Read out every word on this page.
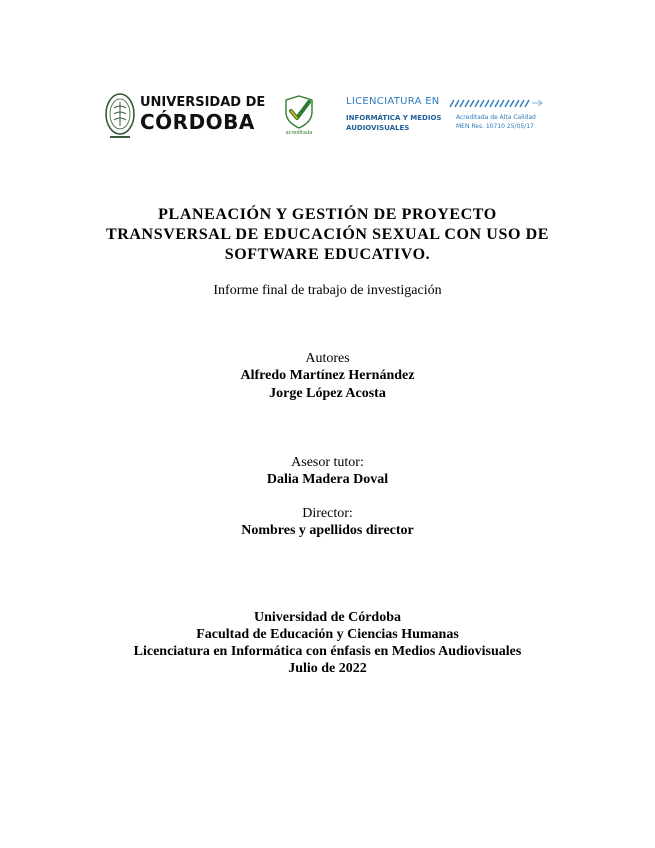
UNIVERSIDAD DE
CÓRDOBA	acreditada
LICENCIATURA EN
INFORMÁTICA Y MEDIOS
AUDIOVISUALES
Acreditada de Alta Calidad
MEN Res. 10710 25/05/17
PLANEACIÓN Y GESTIÓN DE PROYECTO
TRANSVERSAL DE EDUCACIÓN SEXUAL CON USO DE
SOFTWARE EDUCATIVO.
Informe final de trabajo de investigación
Autores
Alfredo Martínez Hernández
Jorge López Acosta
Asesor tutor:
Dalia Madera Doval
Director:
Nombres y apellidos director
Universidad de Córdoba
Facultad de Educación y Ciencias Humanas
Licenciatura en Informática con énfasis en Medios Audiovisuales
Julio de 2022
